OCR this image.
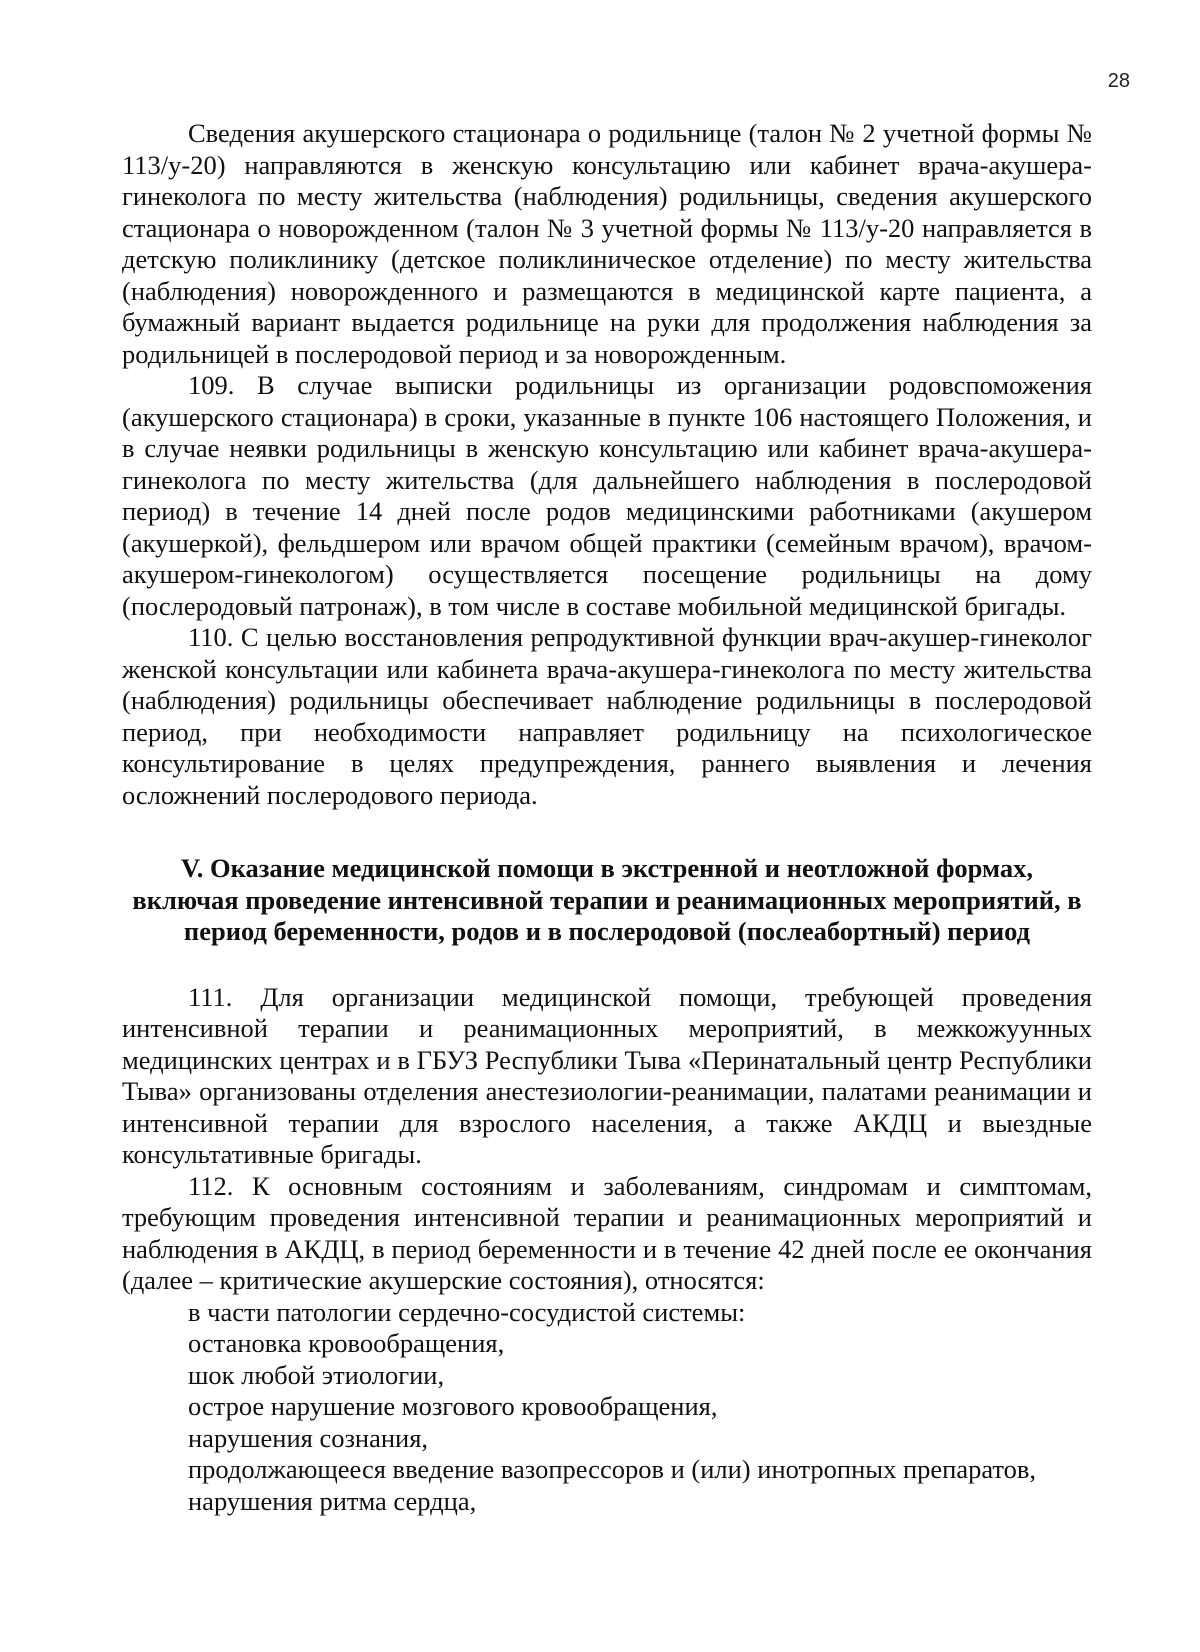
28

Сведения акушерского стационара о родильнице (талон № 2 учетной формы № 113/у-20) направляются в женскую консультацию или кабинет врача-акушера-гинеколога по месту жительства (наблюдения) родильницы, сведения акушерского стационара о новорожденном (талон № 3 учетной формы № 113/у-20 направляется в детскую поликлинику (детское поликлиническое отделение) по месту жительства (наблюдения) новорожденного и размещаются в медицинской карте пациента, а бумажный вариант выдается родильнице на руки для продолжения наблюдения за родильницей в послеродовой период и за новорожденным.

109. В случае выписки родильницы из организации родовспоможения (акушерского стационара) в сроки, указанные в пункте 106 настоящего Положения, и в случае неявки родильницы в женскую консультацию или кабинет врача-акушера-гинеколога по месту жительства (для дальнейшего наблюдения в послеродовой период) в течение 14 дней после родов медицинскими работниками (акушером (акушеркой), фельдшером или врачом общей практики (семейным врачом), врачом-акушером-гинекологом) осуществляется посещение родильницы на дому (послеродовый патронаж), в том числе в составе мобильной медицинской бригады.

110. С целью восстановления репродуктивной функции врач-акушер-гинеколог женской консультации или кабинета врача-акушера-гинеколога по месту жительства (наблюдения) родильницы обеспечивает наблюдение родильницы в послеродовой период, при необходимости направляет родильницу на психологическое консультирование в целях предупреждения, раннего выявления и лечения осложнений послеродового периода.

V. Оказание медицинской помощи в экстренной и неотложной формах, включая проведение интенсивной терапии и реанимационных мероприятий, в период беременности, родов и в послеродовой (послеабортный) период

111. Для организации медицинской помощи, требующей проведения интенсивной терапии и реанимационных мероприятий, в межкожуунных медицинских центрах и в ГБУЗ Республики Тыва «Перинатальный центр Республики Тыва» организованы отделения анестезиологии-реанимации, палатами реанимации и интенсивной терапии для взрослого населения, а также АКДЦ и выездные консультативные бригады.

112. К основным состояниям и заболеваниям, синдромам и симптомам, требующим проведения интенсивной терапии и реанимационных мероприятий и наблюдения в АКДЦ, в период беременности и в течение 42 дней после ее окончания (далее – критические акушерские состояния), относятся:

в части патологии сердечно-сосудистой системы:

остановка кровообращения,

шок любой этиологии,

острое нарушение мозгового кровообращения,

нарушения сознания,

продолжающееся введение вазопрессоров и (или) инотропных препаратов,

нарушения ритма сердца,
